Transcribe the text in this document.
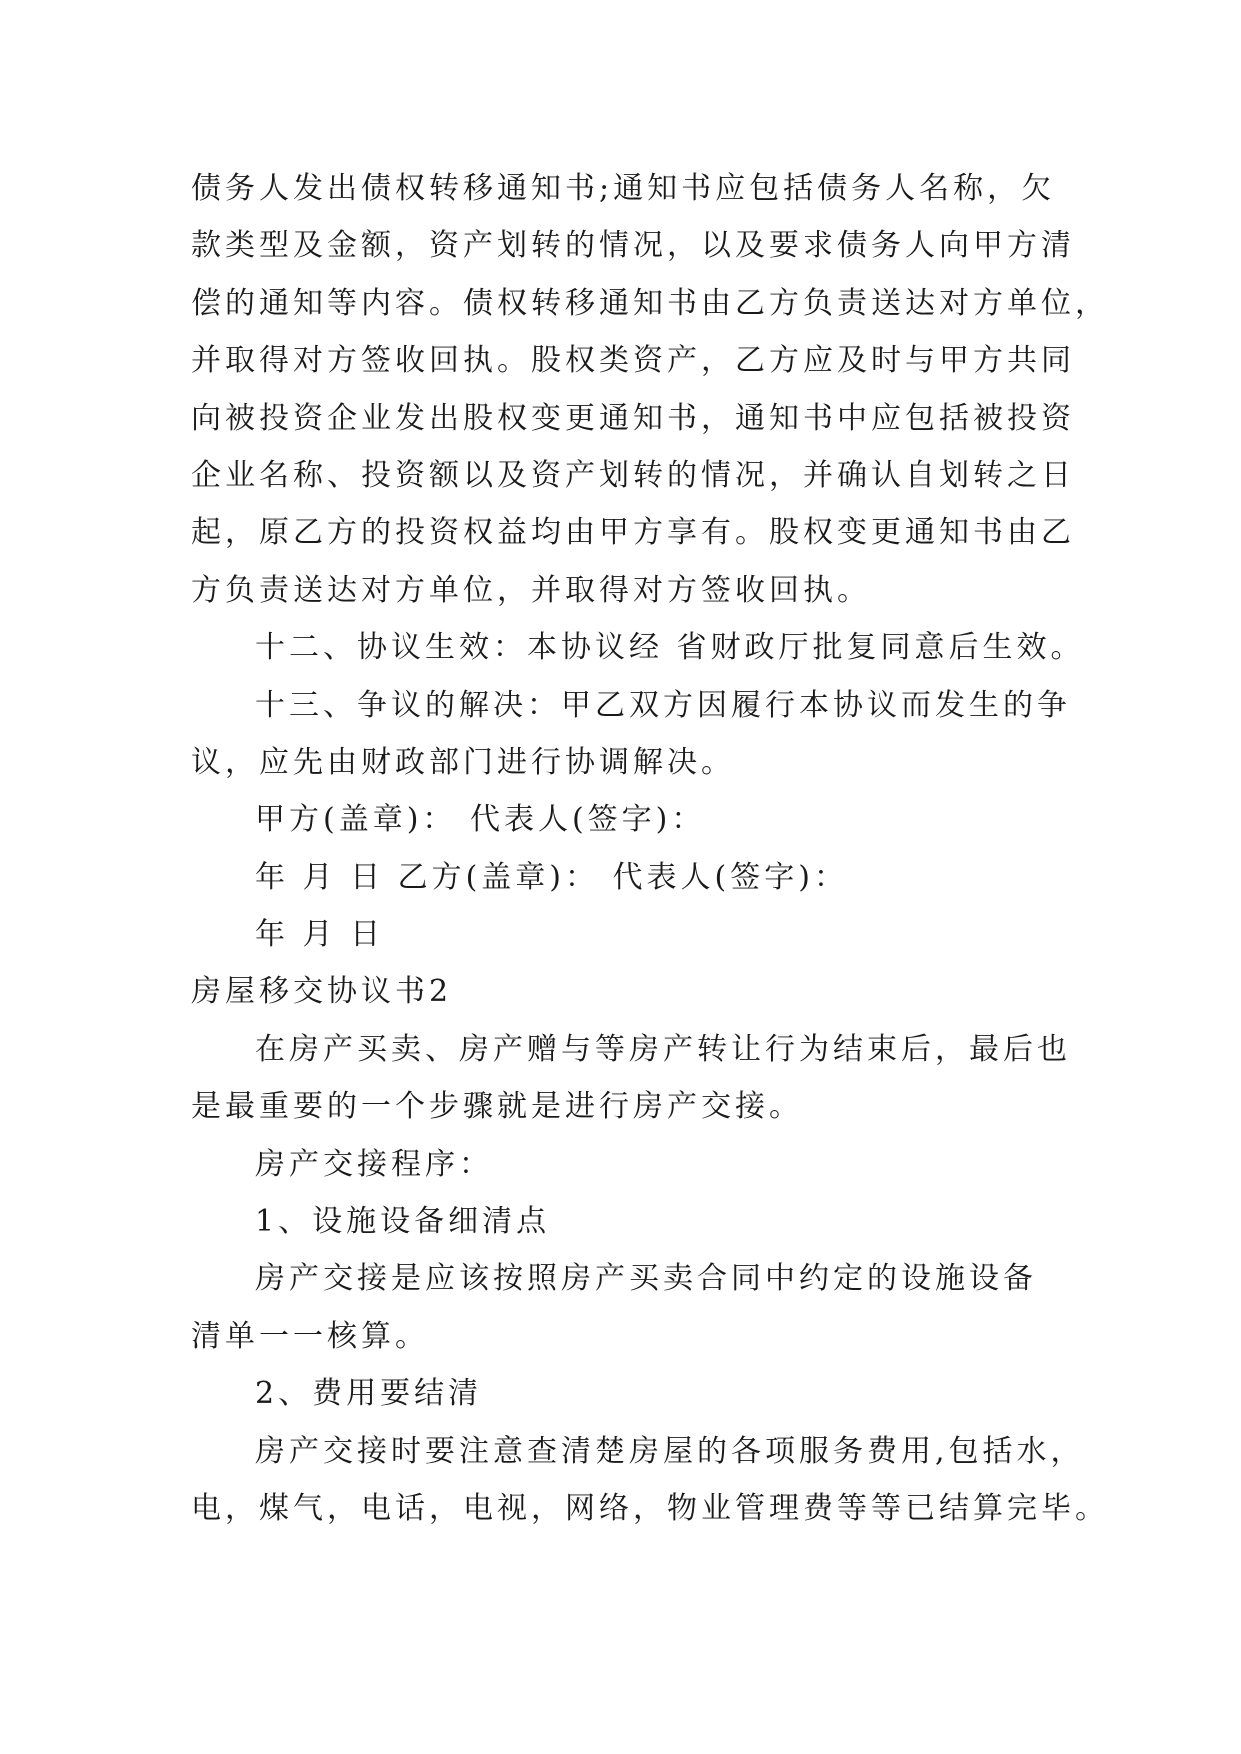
债务人发出债权转移通知书;通知书应包括债务人名称，欠

款类型及金额，资产划转的情况，以及要求债务人向甲方清

偿的通知等内容。债权转移通知书由乙方负责送达对方单位，

并取得对方签收回执。股权类资产，乙方应及时与甲方共同

向被投资企业发出股权变更通知书，通知书中应包括被投资

企业名称、投资额以及资产划转的情况，并确认自划转之日

起，原乙方的投资权益均由甲方享有。股权变更通知书由乙

方负责送达对方单位，并取得对方签收回执。

十二、协议生效：本协议经 省财政厅批复同意后生效。

十三、争议的解决：甲乙双方因履行本协议而发生的争

议，应先由财政部门进行协调解决。

甲方(盖章)： 代表人(签字)：

年 月 日 乙方(盖章)： 代表人(签字)：

年 月 日

房屋移交协议书2

在房产买卖、房产赠与等房产转让行为结束后，最后也

是最重要的一个步骤就是进行房产交接。

房产交接程序：

1、设施设备细清点

房产交接是应该按照房产买卖合同中约定的设施设备

清单一一核算。

2、费用要结清

房产交接时要注意查清楚房屋的各项服务费用,包括水，

电，煤气，电话，电视，网络，物业管理费等等已结算完毕。
